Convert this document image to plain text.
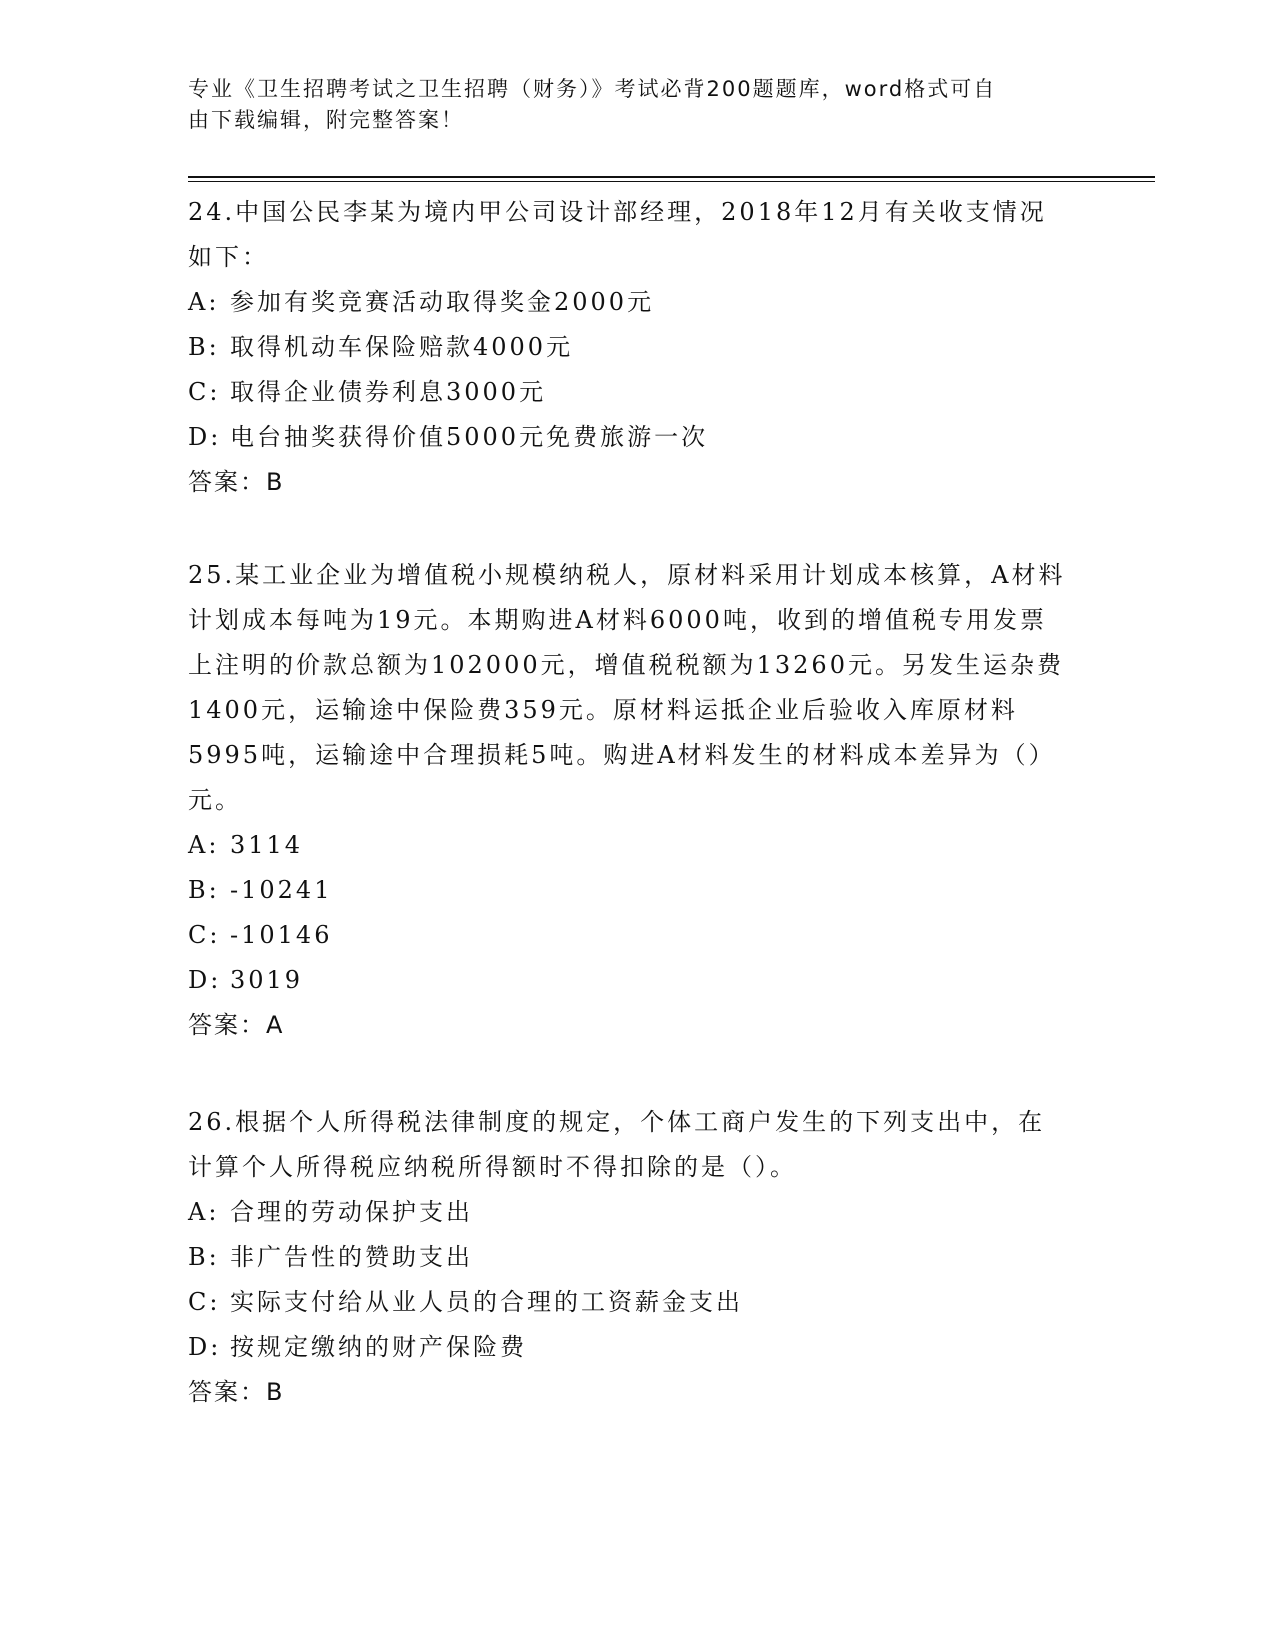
专业《卫生招聘考试之卫生招聘（财务）》考试必背200题题库，word格式可自
由下载编辑，附完整答案！

24.中国公民李某为境内甲公司设计部经理，2018年12月有关收支情况如下：

A: 参加有奖竞赛活动取得奖金2000元
B: 取得机动车保险赔款4000元
C: 取得企业债券利息3000元
D: 电台抽奖获得价值5000元免费旅游一次

答案：B

25.某工业企业为增值税小规模纳税人，原材料采用计划成本核算，A材料计划成本每吨为19元。本期购进A材料6000吨，收到的增值税专用发票上注明的价款总额为102000元，增值税税额为13260元。另发生运杂费1400元，运输途中保险费359元。原材料运抵企业后验收入库原材料5995吨，运输途中合理损耗5吨。购进A材料发生的材料成本差异为（）元。

A: 3114
B: -10241
C: -10146
D: 3019

答案：A

26.根据个人所得税法律制度的规定，个体工商户发生的下列支出中，在计算个人所得税应纳税所得额时不得扣除的是（）。

A: 合理的劳动保护支出
B: 非广告性的赞助支出
C: 实际支付给从业人员的合理的工资薪金支出
D: 按规定缴纳的财产保险费

答案：B
